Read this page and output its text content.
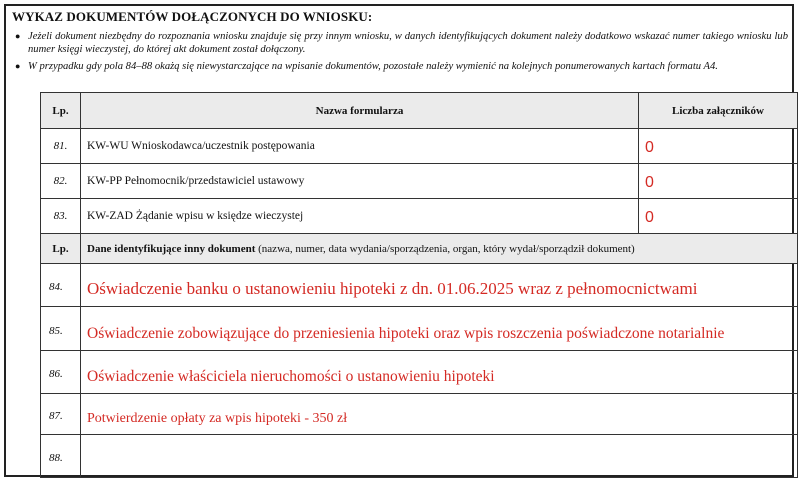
WYKAZ DOKUMENTÓW DOŁĄCZONYCH DO WNIOSKU:

● Jeżeli dokument niezbędny do rozpoznania wniosku znajduje się przy innym wniosku, w danych identyfikujących dokument należy dodatkowo wskazać numer takiego wniosku lub numer księgi wieczystej, do której akt dokument został dołączony.

● W przypadku gdy pola 84–88 okażą się niewystarczające na wpisanie dokumentów, pozostałe należy wymienić na kolejnych ponumerowanych kartach formatu A4.

Lp.	Nazwa formularza	Liczba załączników
81.	KW-WU Wnioskodawca/uczestnik postępowania	0

82.	KW-PP Pełnomocnik/przedstawiciel ustawowy	0

83.	KW-ZAD Żądanie wpisu w księdze wieczystej	0

Lp.	Dane identyfikujące inny dokument (nazwa, numer, data wydania/sporządzenia, organ, który wydał/sporządził dokument)	
84.	Oświadczenie banku o ustanowieniu hipoteki z dn. 01.06.2025 wraz z pełnomocnictwami	

85.	Oświadczenie zobowiązujące do przeniesienia hipoteki oraz wpis roszczenia poświadczone notarialnie	

86.	Oświadczenie właściciela nieruchomości o ustanowieniu hipoteki	

87.	Potwierdzenie opłaty za wpis hipoteki - 350 zł	

88.		
